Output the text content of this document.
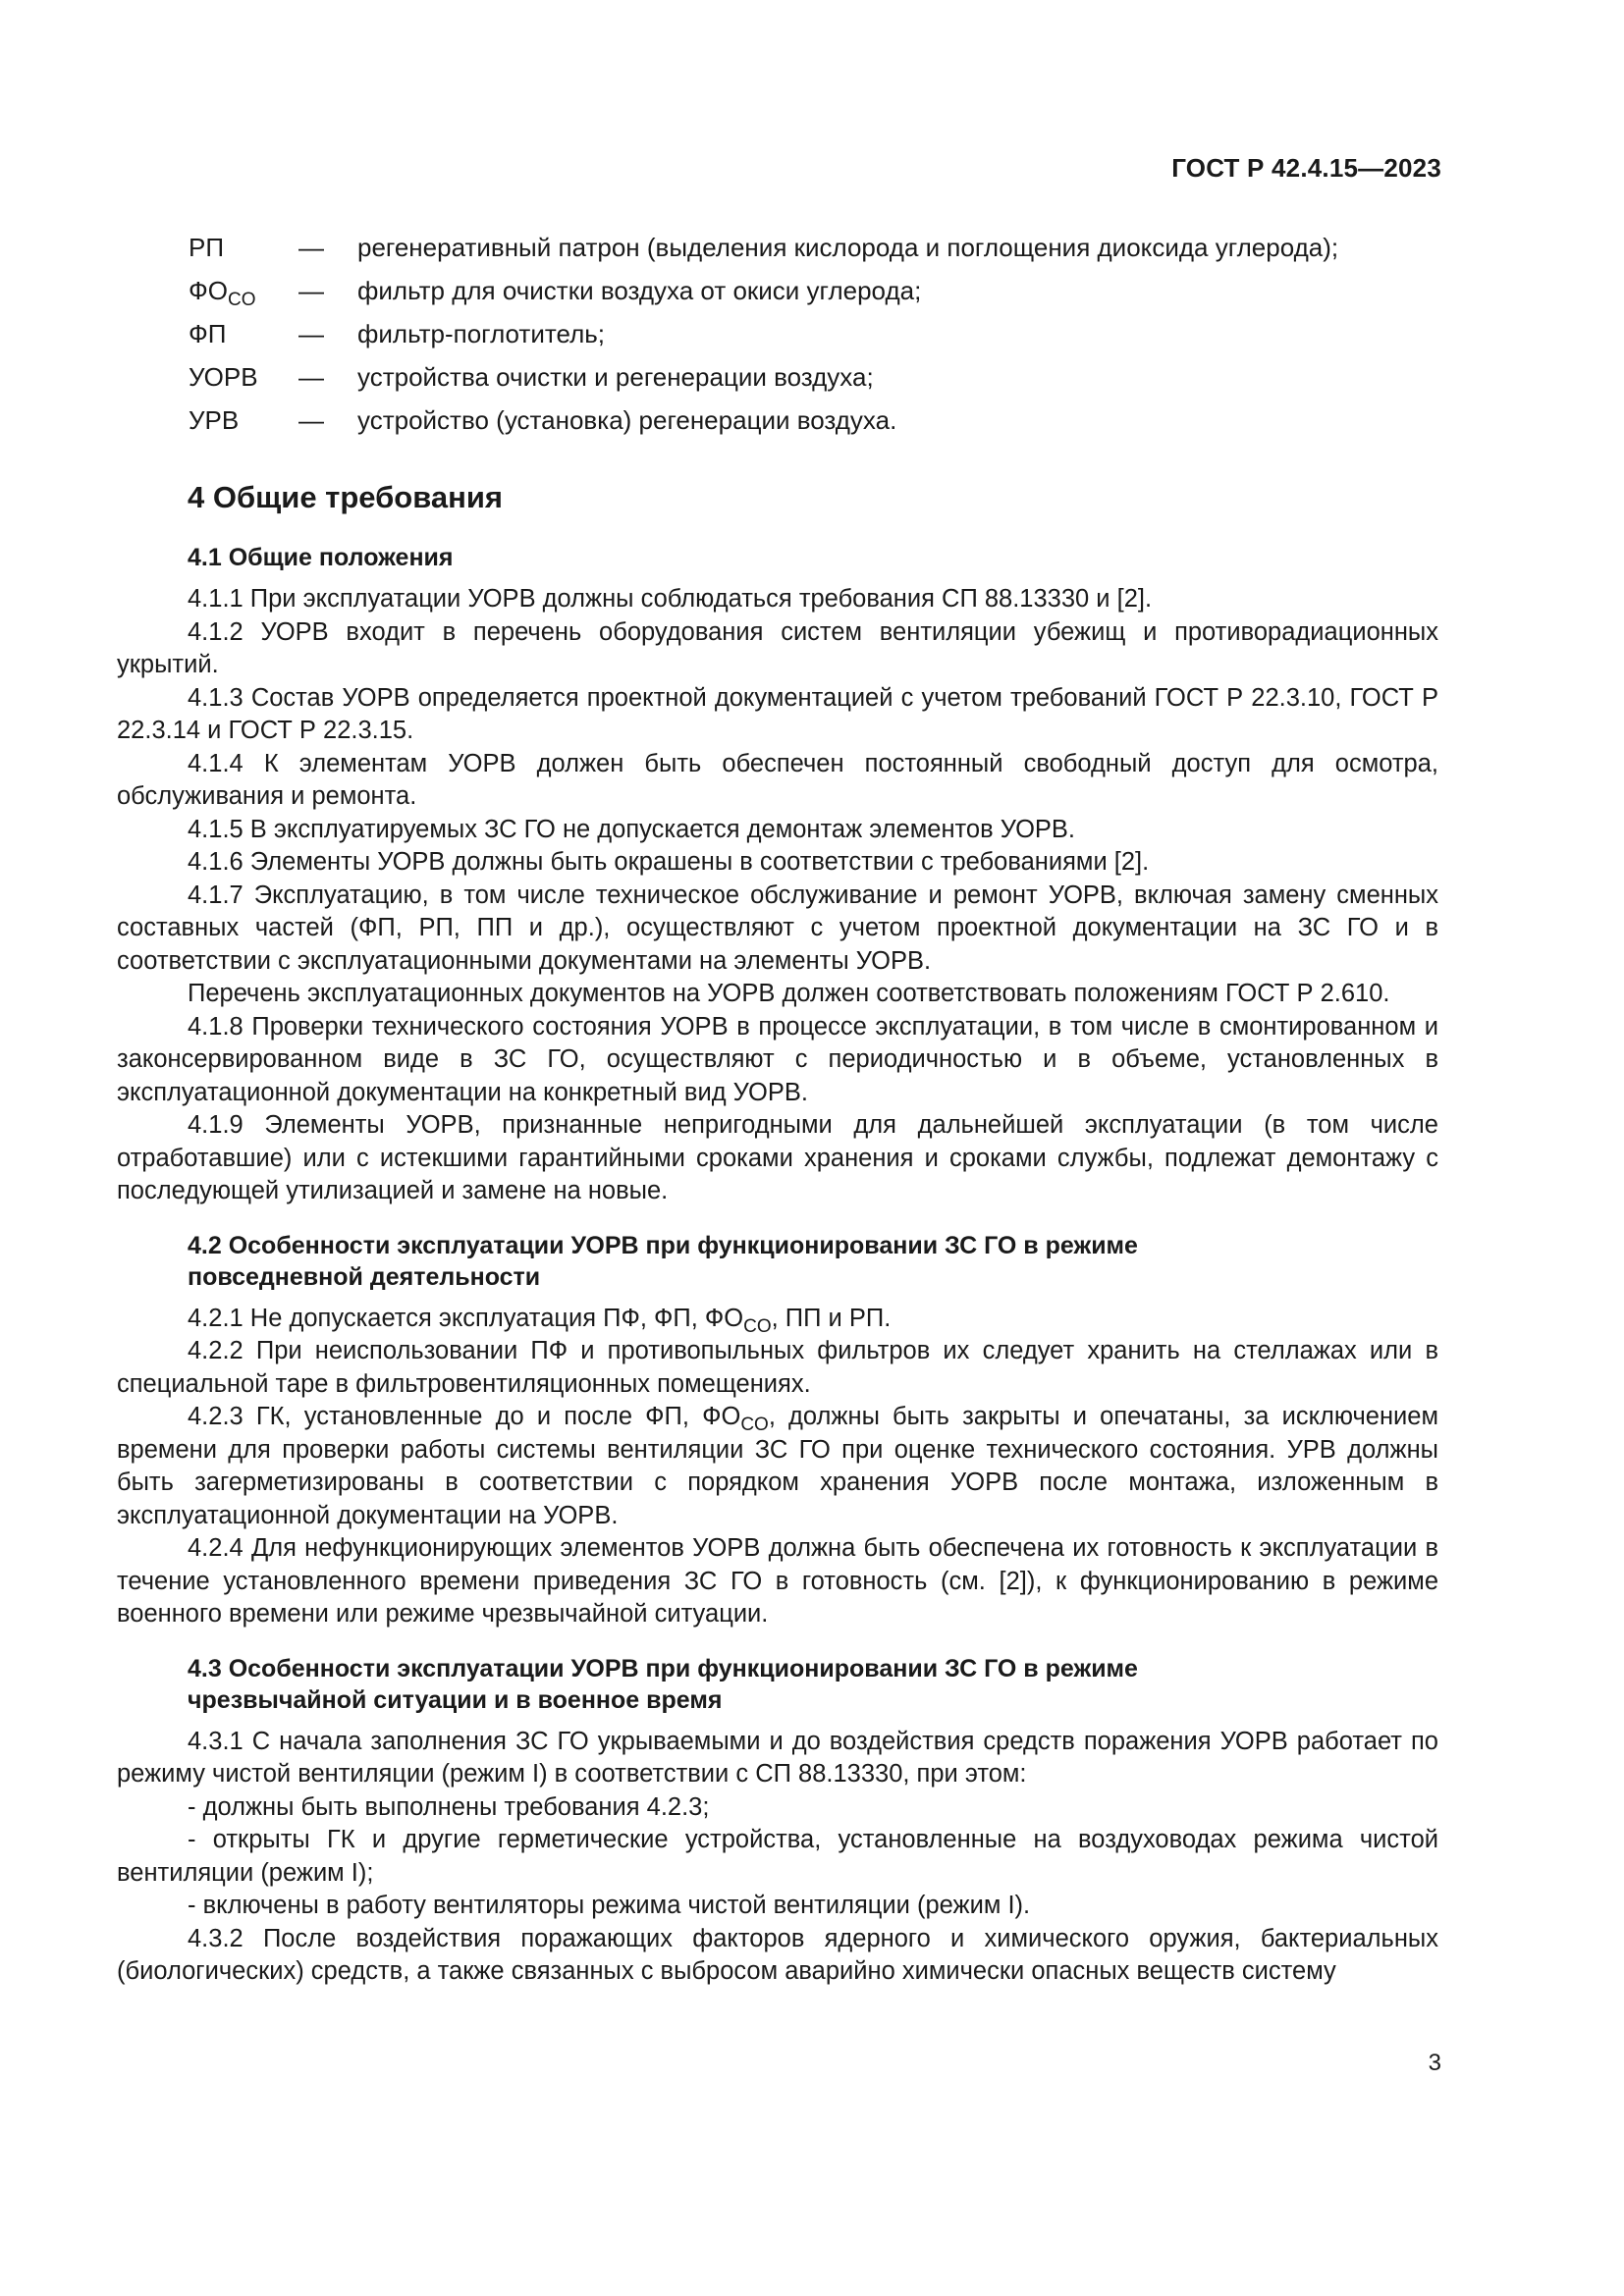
ГОСТ Р 42.4.15—2023
РП	—	регенеративный патрон (выделения кислорода и поглощения диоксида углерода);
$ФО_{CO}$	—	фильтр для очистки воздуха от окиси углерода;
ФП	—	фильтр-поглотитель;
УОРВ	—	устройства очистки и регенерации воздуха;
УРВ	—	устройство (установка) регенерации воздуха.
4 Общие требования
4.1 Общие положения

4.1.1 При эксплуатации УОРВ должны соблюдаться требования СП 88.13330 и [2].

4.1.2 УОРВ входит в перечень оборудования систем вентиляции убежищ и противорадиационных укрытий.

4.1.3 Состав УОРВ определяется проектной документацией с учетом требований ГОСТ Р 22.3.10, ГОСТ Р 22.3.14 и ГОСТ Р 22.3.15.

4.1.4 К элементам УОРВ должен быть обеспечен постоянный свободный доступ для осмотра, обслуживания и ремонта.

4.1.5 В эксплуатируемых ЗС ГО не допускается демонтаж элементов УОРВ.

4.1.6 Элементы УОРВ должны быть окрашены в соответствии с требованиями [2].

4.1.7 Эксплуатацию, в том числе техническое обслуживание и ремонт УОРВ, включая замену сменных составных частей (ФП, РП, ПП и др.), осуществляют с учетом проектной документации на ЗС ГО и в соответствии с эксплуатационными документами на элементы УОРВ.

Перечень эксплуатационных документов на УОРВ должен соответствовать положениям ГОСТ Р 2.610.

4.1.8 Проверки технического состояния УОРВ в процессе эксплуатации, в том числе в смонтированном и законсервированном виде в ЗС ГО, осуществляют с периодичностью и в объеме, установленных в эксплуатационной документации на конкретный вид УОРВ.

4.1.9 Элементы УОРВ, признанные непригодными для дальнейшей эксплуатации (в том числе отработавшие) или с истекшими гарантийными сроками хранения и сроками службы, подлежат демонтажу с последующей утилизацией и замене на новые.

4.2 Особенности эксплуатации УОРВ при функционировании ЗС ГО в режиме
повседневной деятельности

4.2.1 Не допускается эксплуатация ПФ, ФП, $ФО_{CO}$, ПП и РП.

4.2.2 При неиспользовании ПФ и противопыльных фильтров их следует хранить на стеллажах или в специальной таре в фильтровентиляционных помещениях.

4.2.3 ГК, установленные до и после ФП, $ФО_{CO}$, должны быть закрыты и опечатаны, за исключением времени для проверки работы системы вентиляции ЗС ГО при оценке технического состояния. УРВ должны быть загерметизированы в соответствии с порядком хранения УОРВ после монтажа, изложенным в эксплуатационной документации на УОРВ.

4.2.4 Для нефункционирующих элементов УОРВ должна быть обеспечена их готовность к эксплуатации в течение установленного времени приведения ЗС ГО в готовность (см. [2]), к функционированию в режиме военного времени или режиме чрезвычайной ситуации.

4.3 Особенности эксплуатации УОРВ при функционировании ЗС ГО в режиме
чрезвычайной ситуации и в военное время

4.3.1 С начала заполнения ЗС ГО укрываемыми и до воздействия средств поражения УОРВ работает по режиму чистой вентиляции (режим I) в соответствии с СП 88.13330, при этом:

- должны быть выполнены требования 4.2.3;

- открыты ГК и другие герметические устройства, установленные на воздуховодах режима чистой вентиляции (режим I);

- включены в работу вентиляторы режима чистой вентиляции (режим I).

4.3.2 После воздействия поражающих факторов ядерного и химического оружия, бактериальных (биологических) средств, а также связанных с выбросом аварийно химически опасных веществ систему

3
